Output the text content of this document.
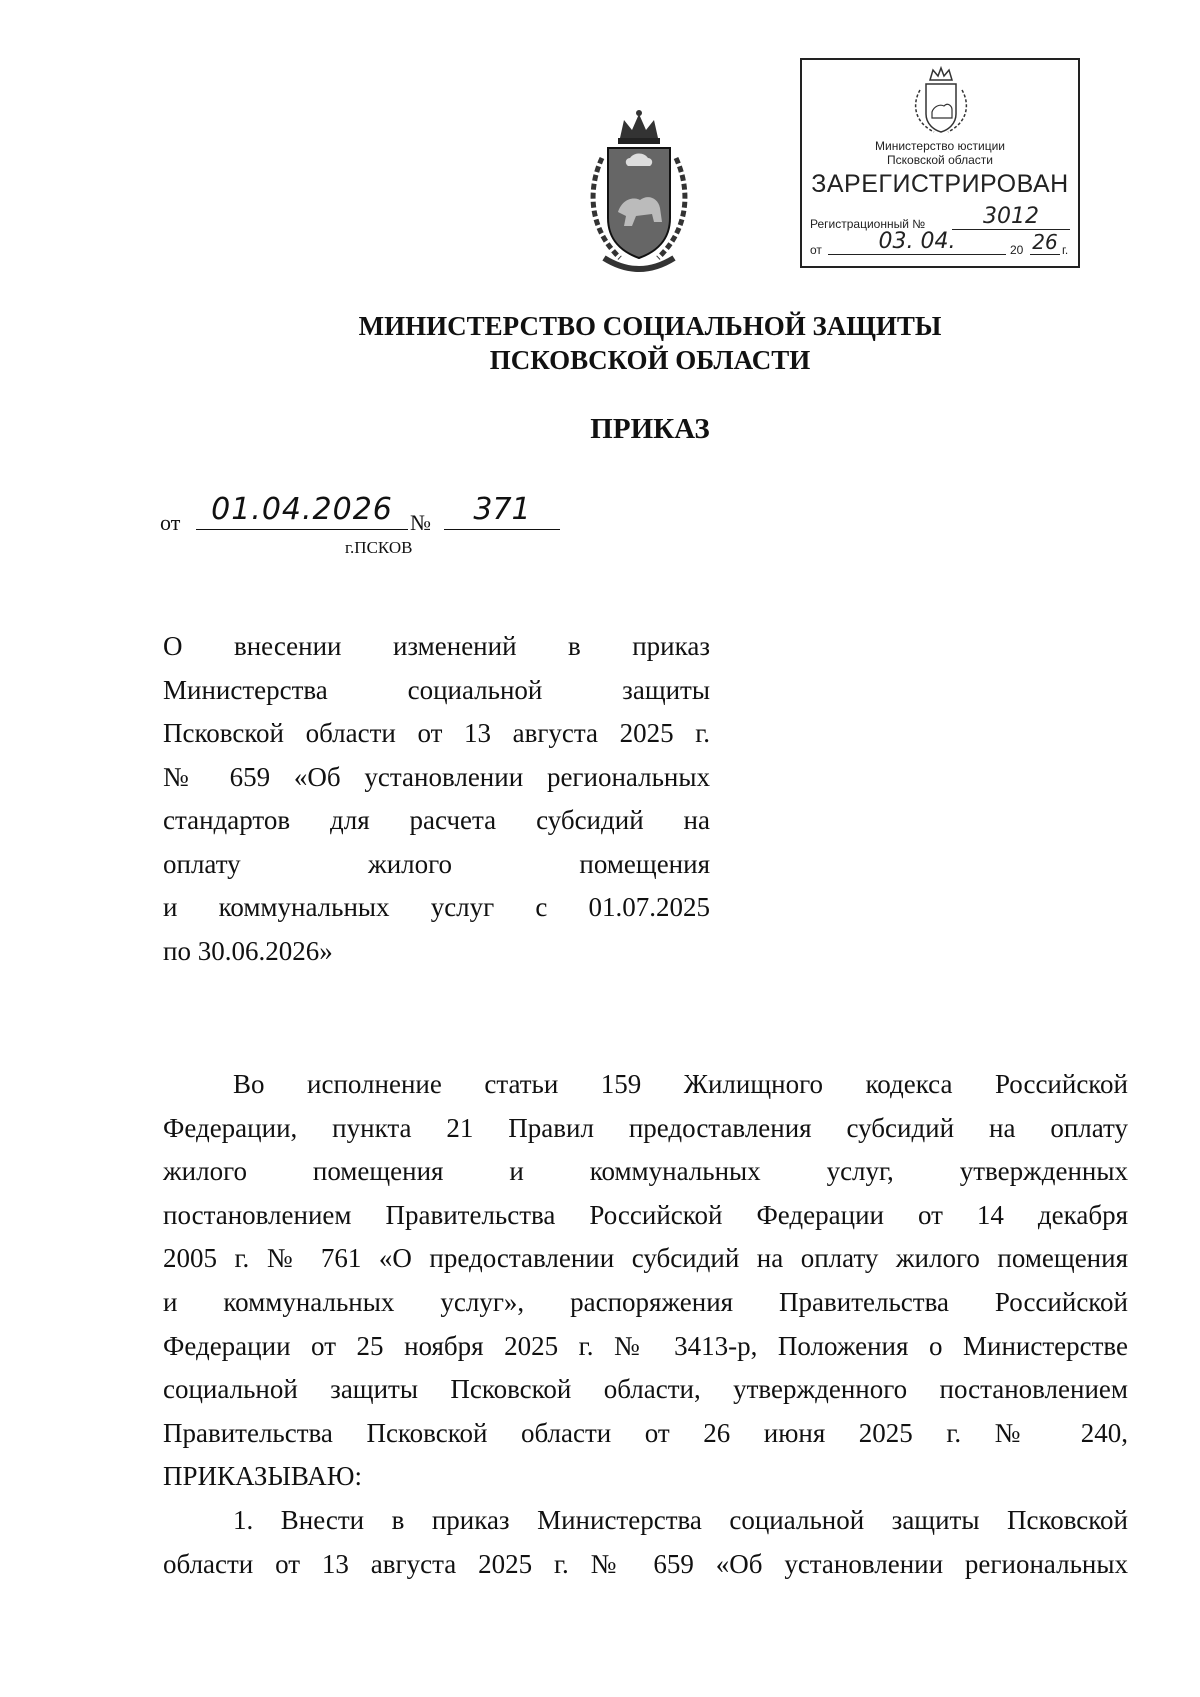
Министерство юстиции
Псковской области
ЗАРЕГИСТРИРОВАН
Регистрационный №	3012
от	03. 04.	20 26 г.
МИНИСТЕРСТВО СОЦИАЛЬНОЙ ЗАЩИТЫ
ПСКОВСКОЙ ОБЛАСТИ
ПРИКАЗ
от	01.04.2026 №	371
г.ПСКОВ
О внесении изменений в приказ
Министерства социальной защиты
Псковской области от 13 августа 2025 г.
№ 659 «Об установлении региональных
стандартов для расчета субсидий на
оплату жилого помещения
и коммунальных услуг с 01.07.2025
по 30.06.2026»
Во исполнение статьи 159 Жилищного кодекса Российской
Федерации, пункта 21 Правил предоставления субсидий на оплату
жилого помещения и коммунальных услуг, утвержденных
постановлением Правительства Российской Федерации от 14 декабря
2005 г. № 761 «О предоставлении субсидий на оплату жилого помещения
и коммунальных услуг», распоряжения Правительства Российской
Федерации от 25 ноября 2025 г. № 3413-р, Положения о Министерстве
социальной защиты Псковской области, утвержденного постановлением
Правительства Псковской области от 26 июня 2025 г. № 240,
ПРИКАЗЫВАЮ:
1. Внести в приказ Министерства социальной защиты Псковской
области от 13 августа 2025 г. № 659 «Об установлении региональных
